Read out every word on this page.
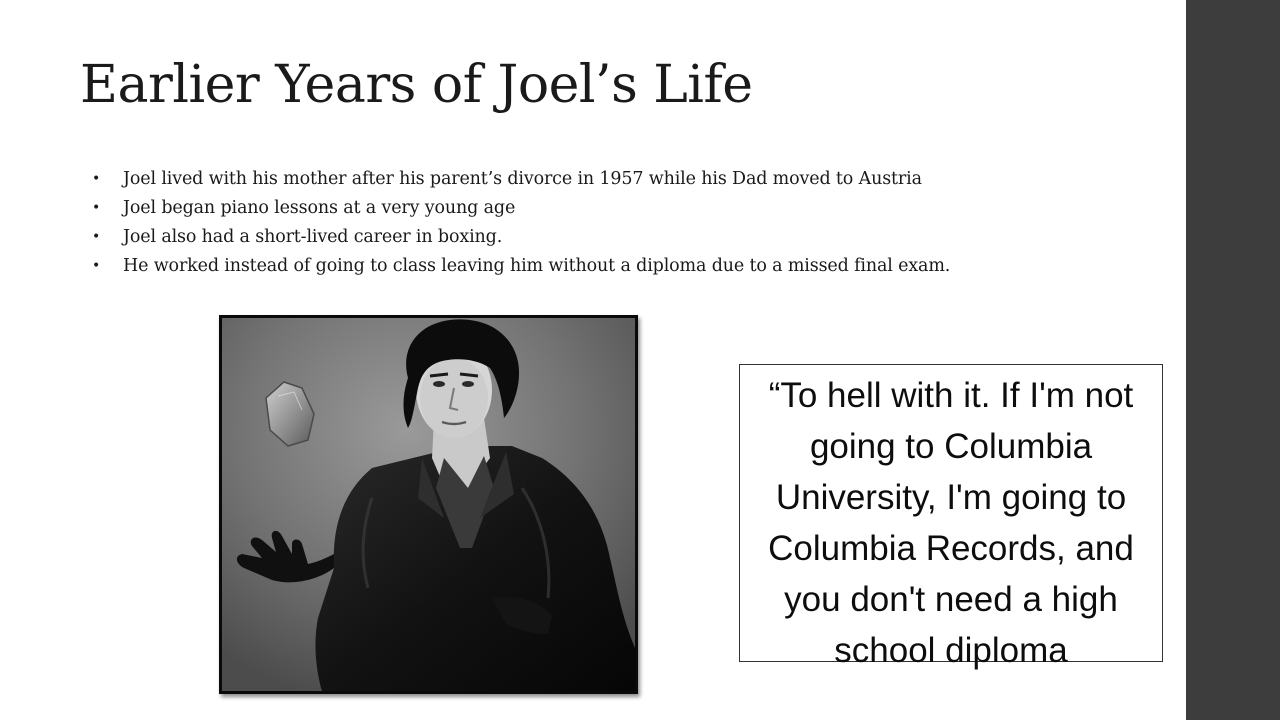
Earlier Years of Joel’s Life
• Joel lived with his mother after his parent’s divorce in 1957 while his Dad moved to Austria
• Joel began piano lessons at a very young age
• Joel also had a short-lived career in boxing.
• He worked instead of going to class leaving him without a diploma due to a missed final exam.

“To hell with it. If I'm not going to Columbia University, I'm going to Columbia Records, and you don't need a high school diploma
